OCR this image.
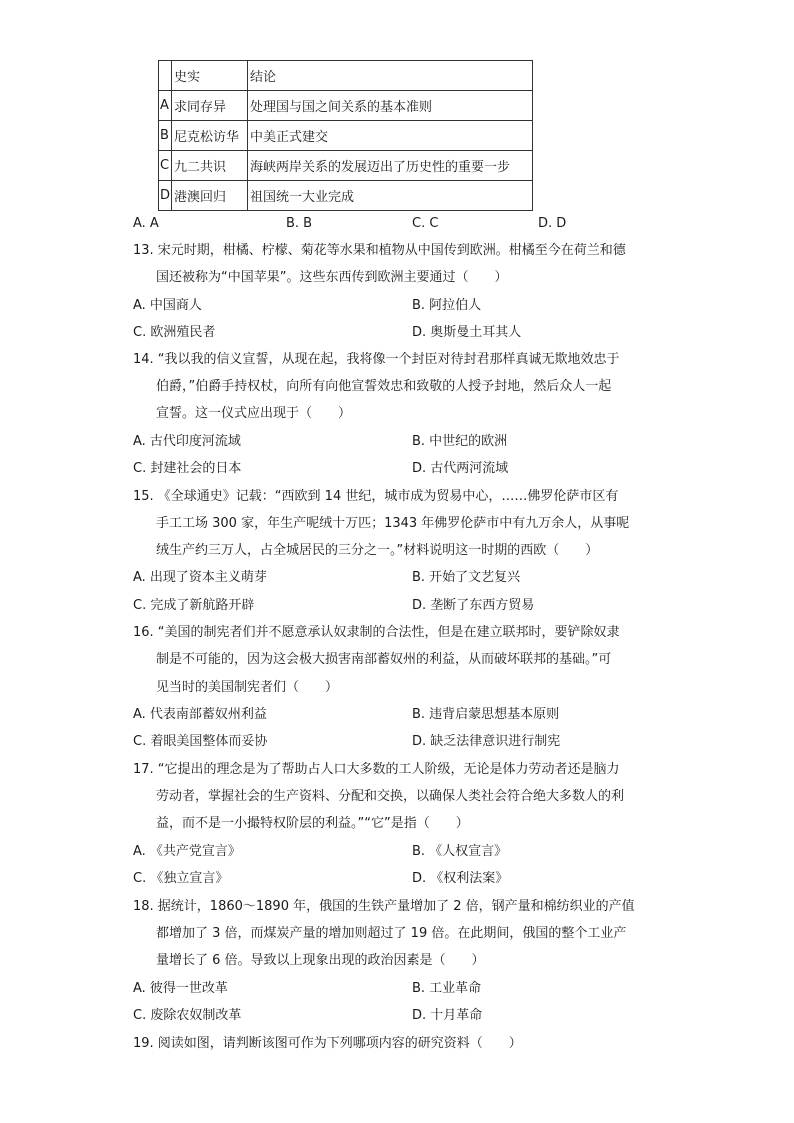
	史实	结论
A	求同存异	处理国与国之间关系的基本准则
B	尼克松访华	中美正式建交
C	九二共识	海峡两岸关系的发展迈出了历史性的重要一步
D	港澳回归	祖国统一大业完成
A. A	B. B	C. C	D. D
13. 宋元时期，柑橘、柠檬、菊花等水果和植物从中国传到欧洲。柑橘至今在荷兰和德
国还被称为“中国苹果”。这些东西传到欧洲主要通过（　　）
A. 中国商人	B. 阿拉伯人
C. 欧洲殖民者	D. 奥斯曼土耳其人
14. “我以我的信义宣誓，从现在起，我将像一个封臣对待封君那样真诚无欺地效忠于
伯爵，”伯爵手持权杖，向所有向他宣誓效忠和致敬的人授予封地，然后众人一起
宣誓。这一仪式应出现于（　　）
A. 古代印度河流域	B. 中世纪的欧洲
C. 封建社会的日本	D. 古代两河流域
15. 《全球通史》记载：“西欧到 14 世纪，城市成为贸易中心，……佛罗伦萨市区有
手工工场 300 家，年生产呢绒十万匹；1343 年佛罗伦萨市中有九万余人，从事呢
绒生产约三万人，占全城居民的三分之一。”材料说明这一时期的西欧（　　）
A. 出现了资本主义萌芽	B. 开始了文艺复兴
C. 完成了新航路开辟	D. 垄断了东西方贸易
16. “美国的制宪者们并不愿意承认奴隶制的合法性，但是在建立联邦时，要铲除奴隶
制是不可能的，因为这会极大损害南部蓄奴州的利益，从而破坏联邦的基础。”可
见当时的美国制宪者们（　　）
A. 代表南部蓄奴州利益	B. 违背启蒙思想基本原则
C. 着眼美国整体而妥协	D. 缺乏法律意识进行制宪
17. “它提出的理念是为了帮助占人口大多数的工人阶级，无论是体力劳动者还是脑力
劳动者，掌握社会的生产资料、分配和交换，以确保人类社会符合绝大多数人的利
益，而不是一小撮特权阶层的利益。”“它”是指（　　）
A. 《共产党宣言》	B. 《人权宣言》
C. 《独立宣言》	D. 《权利法案》
18. 据统计，1860～1890 年，俄国的生铁产量增加了 2 倍，钢产量和棉纺织业的产值
都增加了 3 倍，而煤炭产量的增加则超过了 19 倍。在此期间，俄国的整个工业产
量增长了 6 倍。导致以上现象出现的政治因素是（　　）
A. 彼得一世改革	B. 工业革命
C. 废除农奴制改革	D. 十月革命
19. 阅读如图，请判断该图可作为下列哪项内容的研究资料（　　）
